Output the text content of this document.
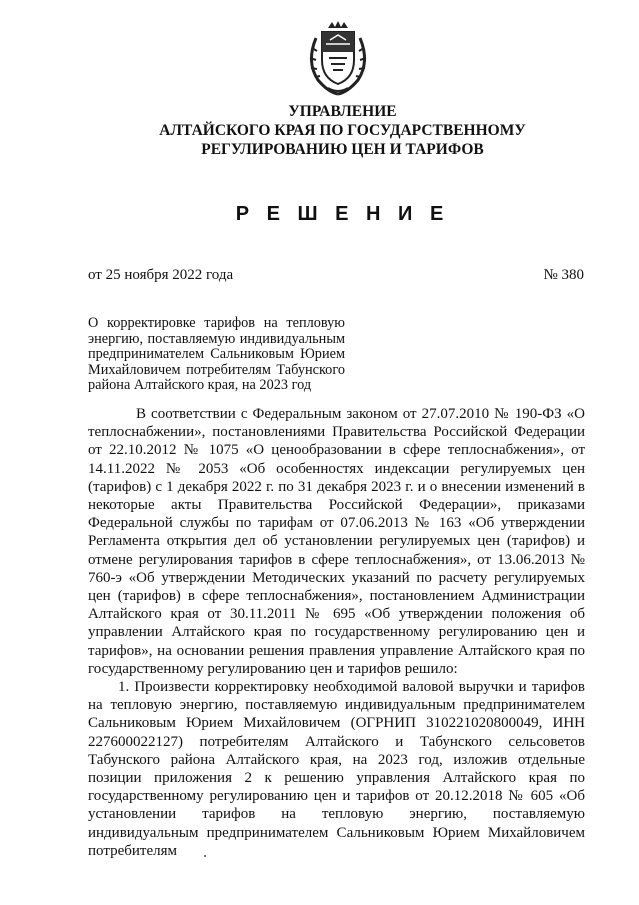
УПРАВЛЕНИЕ
АЛТАЙСКОГО КРАЯ ПО ГОСУДАРСТВЕННОМУ
РЕГУЛИРОВАНИЮ ЦЕН И ТАРИФОВ
Р Е Ш Е Н И Е
от 25 ноября 2022 года	№ 380
О корректировке тарифов на тепловую энергию, поставляемую индивидуальным предпринимателем Сальниковым Юрием Михайловичем потребителям Табунского района Алтайского края, на 2023 год

В соответствии с Федеральным законом от 27.07.2010 № 190-ФЗ «О теплоснабжении», постановлениями Правительства Российской Федерации от 22.10.2012 № 1075 «О ценообразовании в сфере теплоснабжения», от 14.11.2022 № 2053 «Об особенностях индексации регулируемых цен (тарифов) с 1 декабря 2022 г. по 31 декабря 2023 г. и о внесении изменений в некоторые акты Правительства Российской Федерации», приказами Федеральной службы по тарифам от 07.06.2013 № 163 «Об утверждении Регламента открытия дел об установлении регулируемых цен (тарифов) и отмене регулирования тарифов в сфере теплоснабжения», от 13.06.2013 № 760-э «Об утверждении Методических указаний по расчету регулируемых цен (тарифов) в сфере теплоснабжения», постановлением Администрации Алтайского края от 30.11.2011 № 695 «Об утверждении положения об управлении Алтайского края по государственному регулированию цен и тарифов», на основании решения правления управление Алтайского края по государственному регулированию цен и тарифов решило:

1. Произвести корректировку необходимой валовой выручки и тарифов на тепловую энергию, поставляемую индивидуальным предпринимателем Сальниковым Юрием Михайловичем (ОГРНИП 310221020800049, ИНН 227600022127) потребителям Алтайского и Табунского сельсоветов Табунского района Алтайского края, на 2023 год, изложив отдельные позиции приложения 2 к решению управления Алтайского края по государственному регулированию цен и тарифов от 20.12.2018 № 605 «Об установлении тарифов на тепловую энергию, поставляемую индивидуальным предпринимателем Сальниковым Юрием Михайловичем потребителям
